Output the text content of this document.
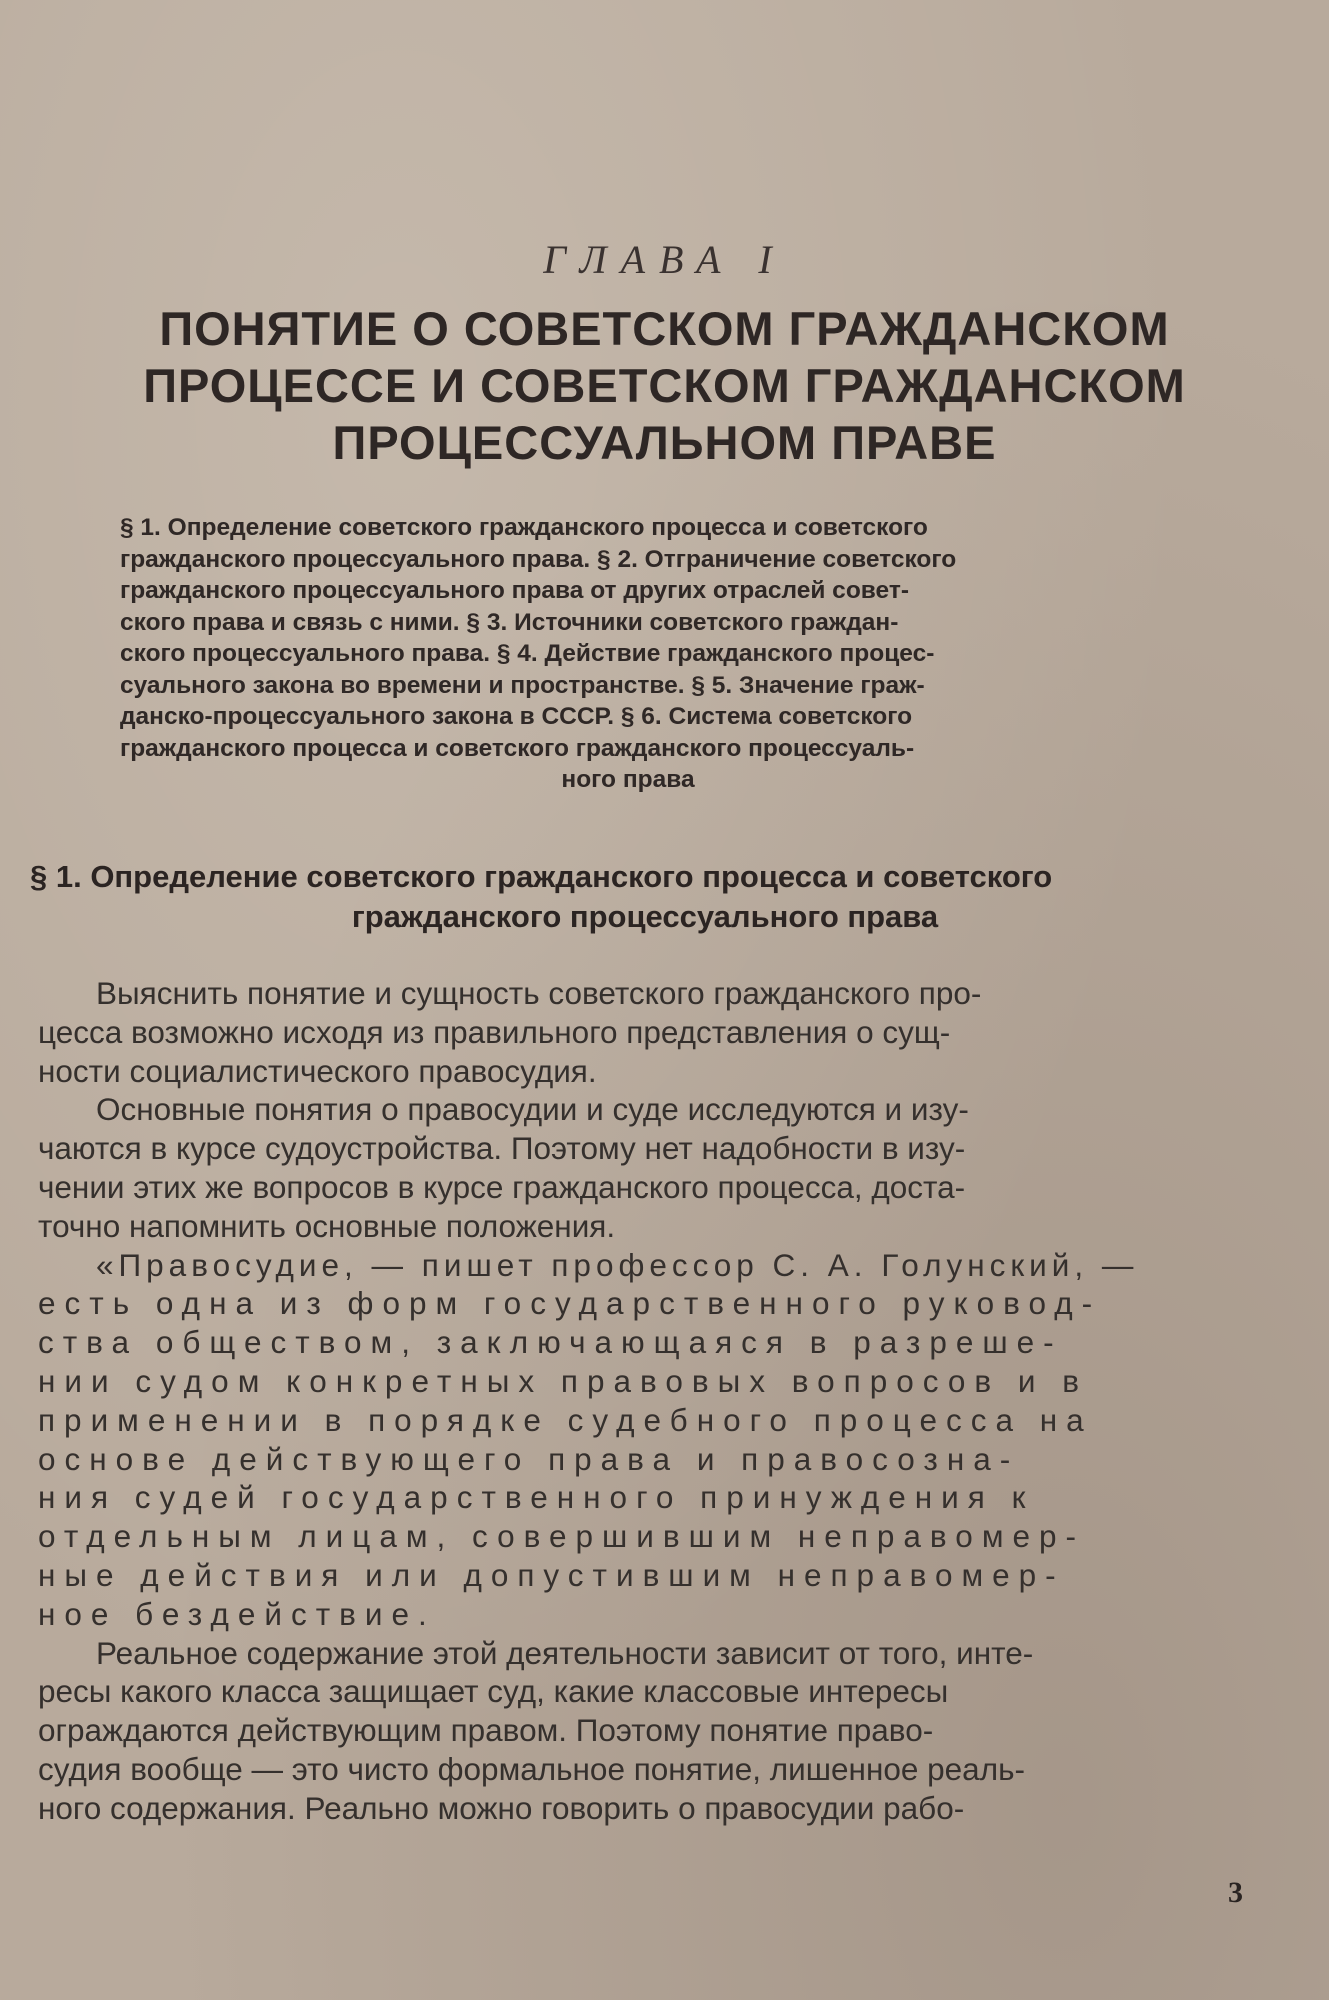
ГЛАВА I
ПОНЯТИЕ О СОВЕТСКОМ ГРАЖДАНСКОМ
ПРОЦЕССЕ И СОВЕТСКОМ ГРАЖДАНСКОМ
ПРОЦЕССУАЛЬНОМ ПРАВЕ
§ 1. Определение советского гражданского процесса и советского
гражданского процессуального права. § 2. Отграничение советского
гражданского процессуального права от других отраслей совет-
ского права и связь с ними. § 3. Источники советского граждан-
ского процессуального права. § 4. Действие гражданского процес-
суального закона во времени и пространстве. § 5. Значение граж-
данско-процессуального закона в СССР. § 6. Система советского
гражданского процесса и советского гражданского процессуаль-
ного права
§ 1. Определение советского гражданского процесса и советского
гражданского процессуального права
Выяснить понятие и сущность советского гражданского про-
цесса возможно исходя из правильного представления о сущ-
ности социалистического правосудия.
Основные понятия о правосудии и суде исследуются и изу-
чаются в курсе судоустройства. Поэтому нет надобности в изу-
чении этих же вопросов в курсе гражданского процесса, доста-
точно напомнить основные положения.
«Правосудие, — пишет профессор С. А. Голунский, —
есть одна из форм государственного руковод-
ства обществом, заключающаяся в разреше-
нии судом конкретных правовых вопросов и в
применении в порядке судебного процесса на
основе действующего права и правосозна-
ния судей государственного принуждения к
отдельным лицам, совершившим неправомер-
ные действия или допустившим неправомер-
ное бездействие.
Реальное содержание этой деятельности зависит от того, инте-
ресы какого класса защищает суд, какие классовые интересы
ограждаются действующим правом. Поэтому понятие право-
судия вообще — это чисто формальное понятие, лишенное реаль-
ного содержания. Реально можно говорить о правосудии рабо-
3
